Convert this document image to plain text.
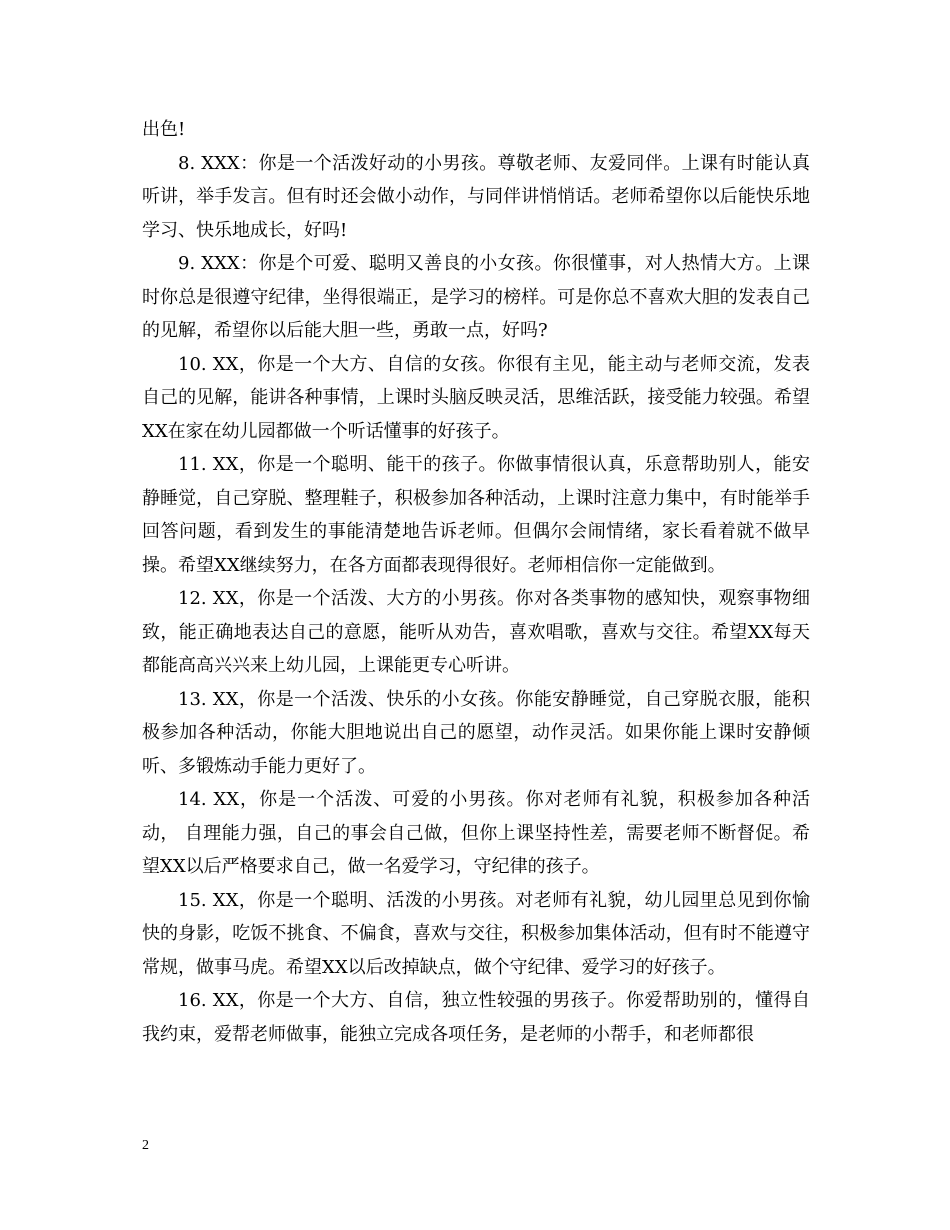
出色!

8. XXX：你是一个活泼好动的小男孩。尊敬老师、友爱同伴。上课有时能认真听讲，举手发言。但有时还会做小动作，与同伴讲悄悄话。老师希望你以后能快乐地学习、快乐地成长，好吗!

9. XXX：你是个可爱、聪明又善良的小女孩。你很懂事，对人热情大方。上课时你总是很遵守纪律，坐得很端正，是学习的榜样。可是你总不喜欢大胆的发表自己的见解，希望你以后能大胆一些，勇敢一点，好吗?

10. XX，你是一个大方、自信的女孩。你很有主见，能主动与老师交流，发表自己的见解，能讲各种事情，上课时头脑反映灵活，思维活跃，接受能力较强。希望XX在家在幼儿园都做一个听话懂事的好孩子。

11. XX，你是一个聪明、能干的孩子。你做事情很认真，乐意帮助别人，能安静睡觉，自己穿脱、整理鞋子，积极参加各种活动，上课时注意力集中，有时能举手回答问题，看到发生的事能清楚地告诉老师。但偶尔会闹情绪，家长看着就不做早操。希望XX继续努力，在各方面都表现得很好。老师相信你一定能做到。

12. XX，你是一个活泼、大方的小男孩。你对各类事物的感知快，观察事物细致，能正确地表达自己的意愿，能听从劝告，喜欢唱歌，喜欢与交往。希望XX每天都能高高兴兴来上幼儿园，上课能更专心听讲。

13. XX，你是一个活泼、快乐的小女孩。你能安静睡觉，自己穿脱衣服，能积极参加各种活动，你能大胆地说出自己的愿望，动作灵活。如果你能上课时安静倾听、多锻炼动手能力更好了。

14. XX，你是一个活泼、可爱的小男孩。你对老师有礼貌，积极参加各种活动， 自理能力强，自己的事会自己做，但你上课坚持性差，需要老师不断督促。希望XX以后严格要求自己，做一名爱学习，守纪律的孩子。

15. XX，你是一个聪明、活泼的小男孩。对老师有礼貌，幼儿园里总见到你愉快的身影，吃饭不挑食、不偏食，喜欢与交往，积极参加集体活动，但有时不能遵守常规，做事马虎。希望XX以后改掉缺点，做个守纪律、爱学习的好孩子。

16. XX，你是一个大方、自信，独立性较强的男孩子。你爱帮助别的，懂得自我约束，爱帮老师做事，能独立完成各项任务，是老师的小帮手，和老师都很

2
